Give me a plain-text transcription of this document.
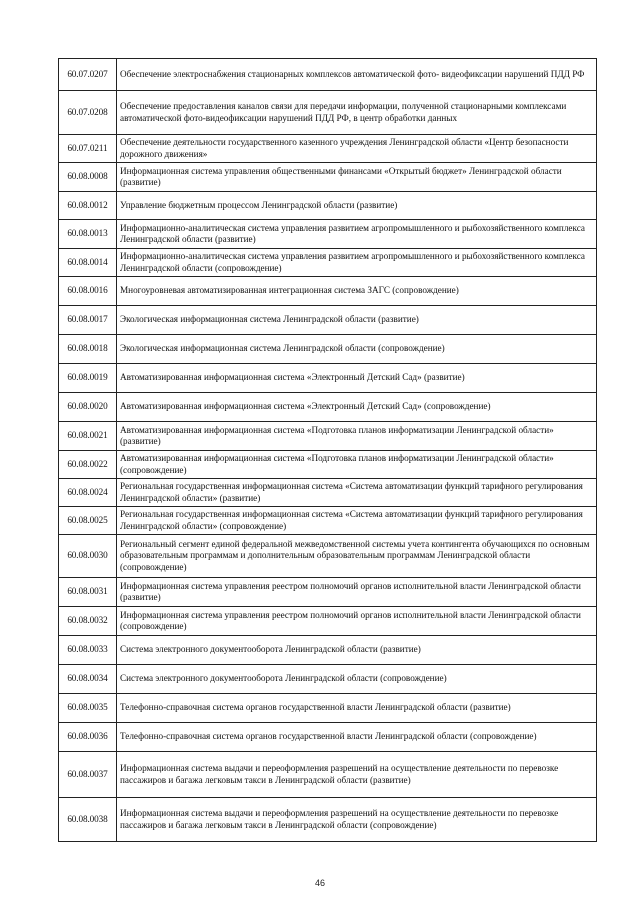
60.07.0207	Обеспечение электроснабжения стационарных комплексов автоматической фото- видеофиксации нарушений ПДД РФ
60.07.0208	Обеспечение предоставления каналов связи для передачи информации, полученной стационарными комплексами автоматической фото-видеофиксации нарушений ПДД РФ, в центр обработки данных
60.07.0211	Обеспечение деятельности государственного казенного учреждения Ленинградской области «Центр безопасности дорожного движения»
60.08.0008	Информационная система управления общественными финансами «Открытый бюджет» Ленинградской области (развитие)
60.08.0012	Управление бюджетным процессом Ленинградской области (развитие)
60.08.0013	Информационно-аналитическая система управления развитием агропромышленного и рыбохозяйственного комплекса Ленинградской области (развитие)
60.08.0014	Информационно-аналитическая система управления развитием агропромышленного и рыбохозяйственного комплекса Ленинградской области (сопровождение)
60.08.0016	Многоуровневая автоматизированная интеграционная система ЗАГС (сопровождение)
60.08.0017	Экологическая информационная система Ленинградской области (развитие)
60.08.0018	Экологическая информационная система Ленинградской области (сопровождение)
60.08.0019	Автоматизированная информационная система «Электронный Детский Сад» (развитие)
60.08.0020	Автоматизированная информационная система «Электронный Детский Сад» (сопровождение)
60.08.0021	Автоматизированная информационная система «Подготовка планов информатизации Ленинградской области» (развитие)
60.08.0022	Автоматизированная информационная система «Подготовка планов информатизации Ленинградской области» (сопровождение)
60.08.0024	Региональная государственная информационная система «Система автоматизации функций тарифного регулирования Ленинградской области» (развитие)
60.08.0025	Региональная государственная информационная система «Система автоматизации функций тарифного регулирования Ленинградской области» (сопровождение)
60.08.0030	Региональный сегмент единой федеральной межведомственной системы учета контингента обучающихся по основным образовательным программам и дополнительным образовательным программам Ленинградской области (сопровождение)
60.08.0031	Информационная система управления реестром полномочий органов исполнительной власти Ленинградской области (развитие)
60.08.0032	Информационная система управления реестром полномочий органов исполнительной власти Ленинградской области (сопровождение)
60.08.0033	Система электронного документооборота Ленинградской области (развитие)
60.08.0034	Система электронного документооборота Ленинградской области (сопровождение)
60.08.0035	Телефонно-справочная система органов государственной власти Ленинградской области (развитие)
60.08.0036	Телефонно-справочная система органов государственной власти Ленинградской области (сопровождение)
60.08.0037	Информационная система выдачи и переоформления разрешений на осуществление деятельности по перевозке пассажиров и багажа легковым такси в Ленинградской области (развитие)
60.08.0038	Информационная система выдачи и переоформления разрешений на осуществление деятельности по перевозке пассажиров и багажа легковым такси в Ленинградской области (сопровождение)
46
